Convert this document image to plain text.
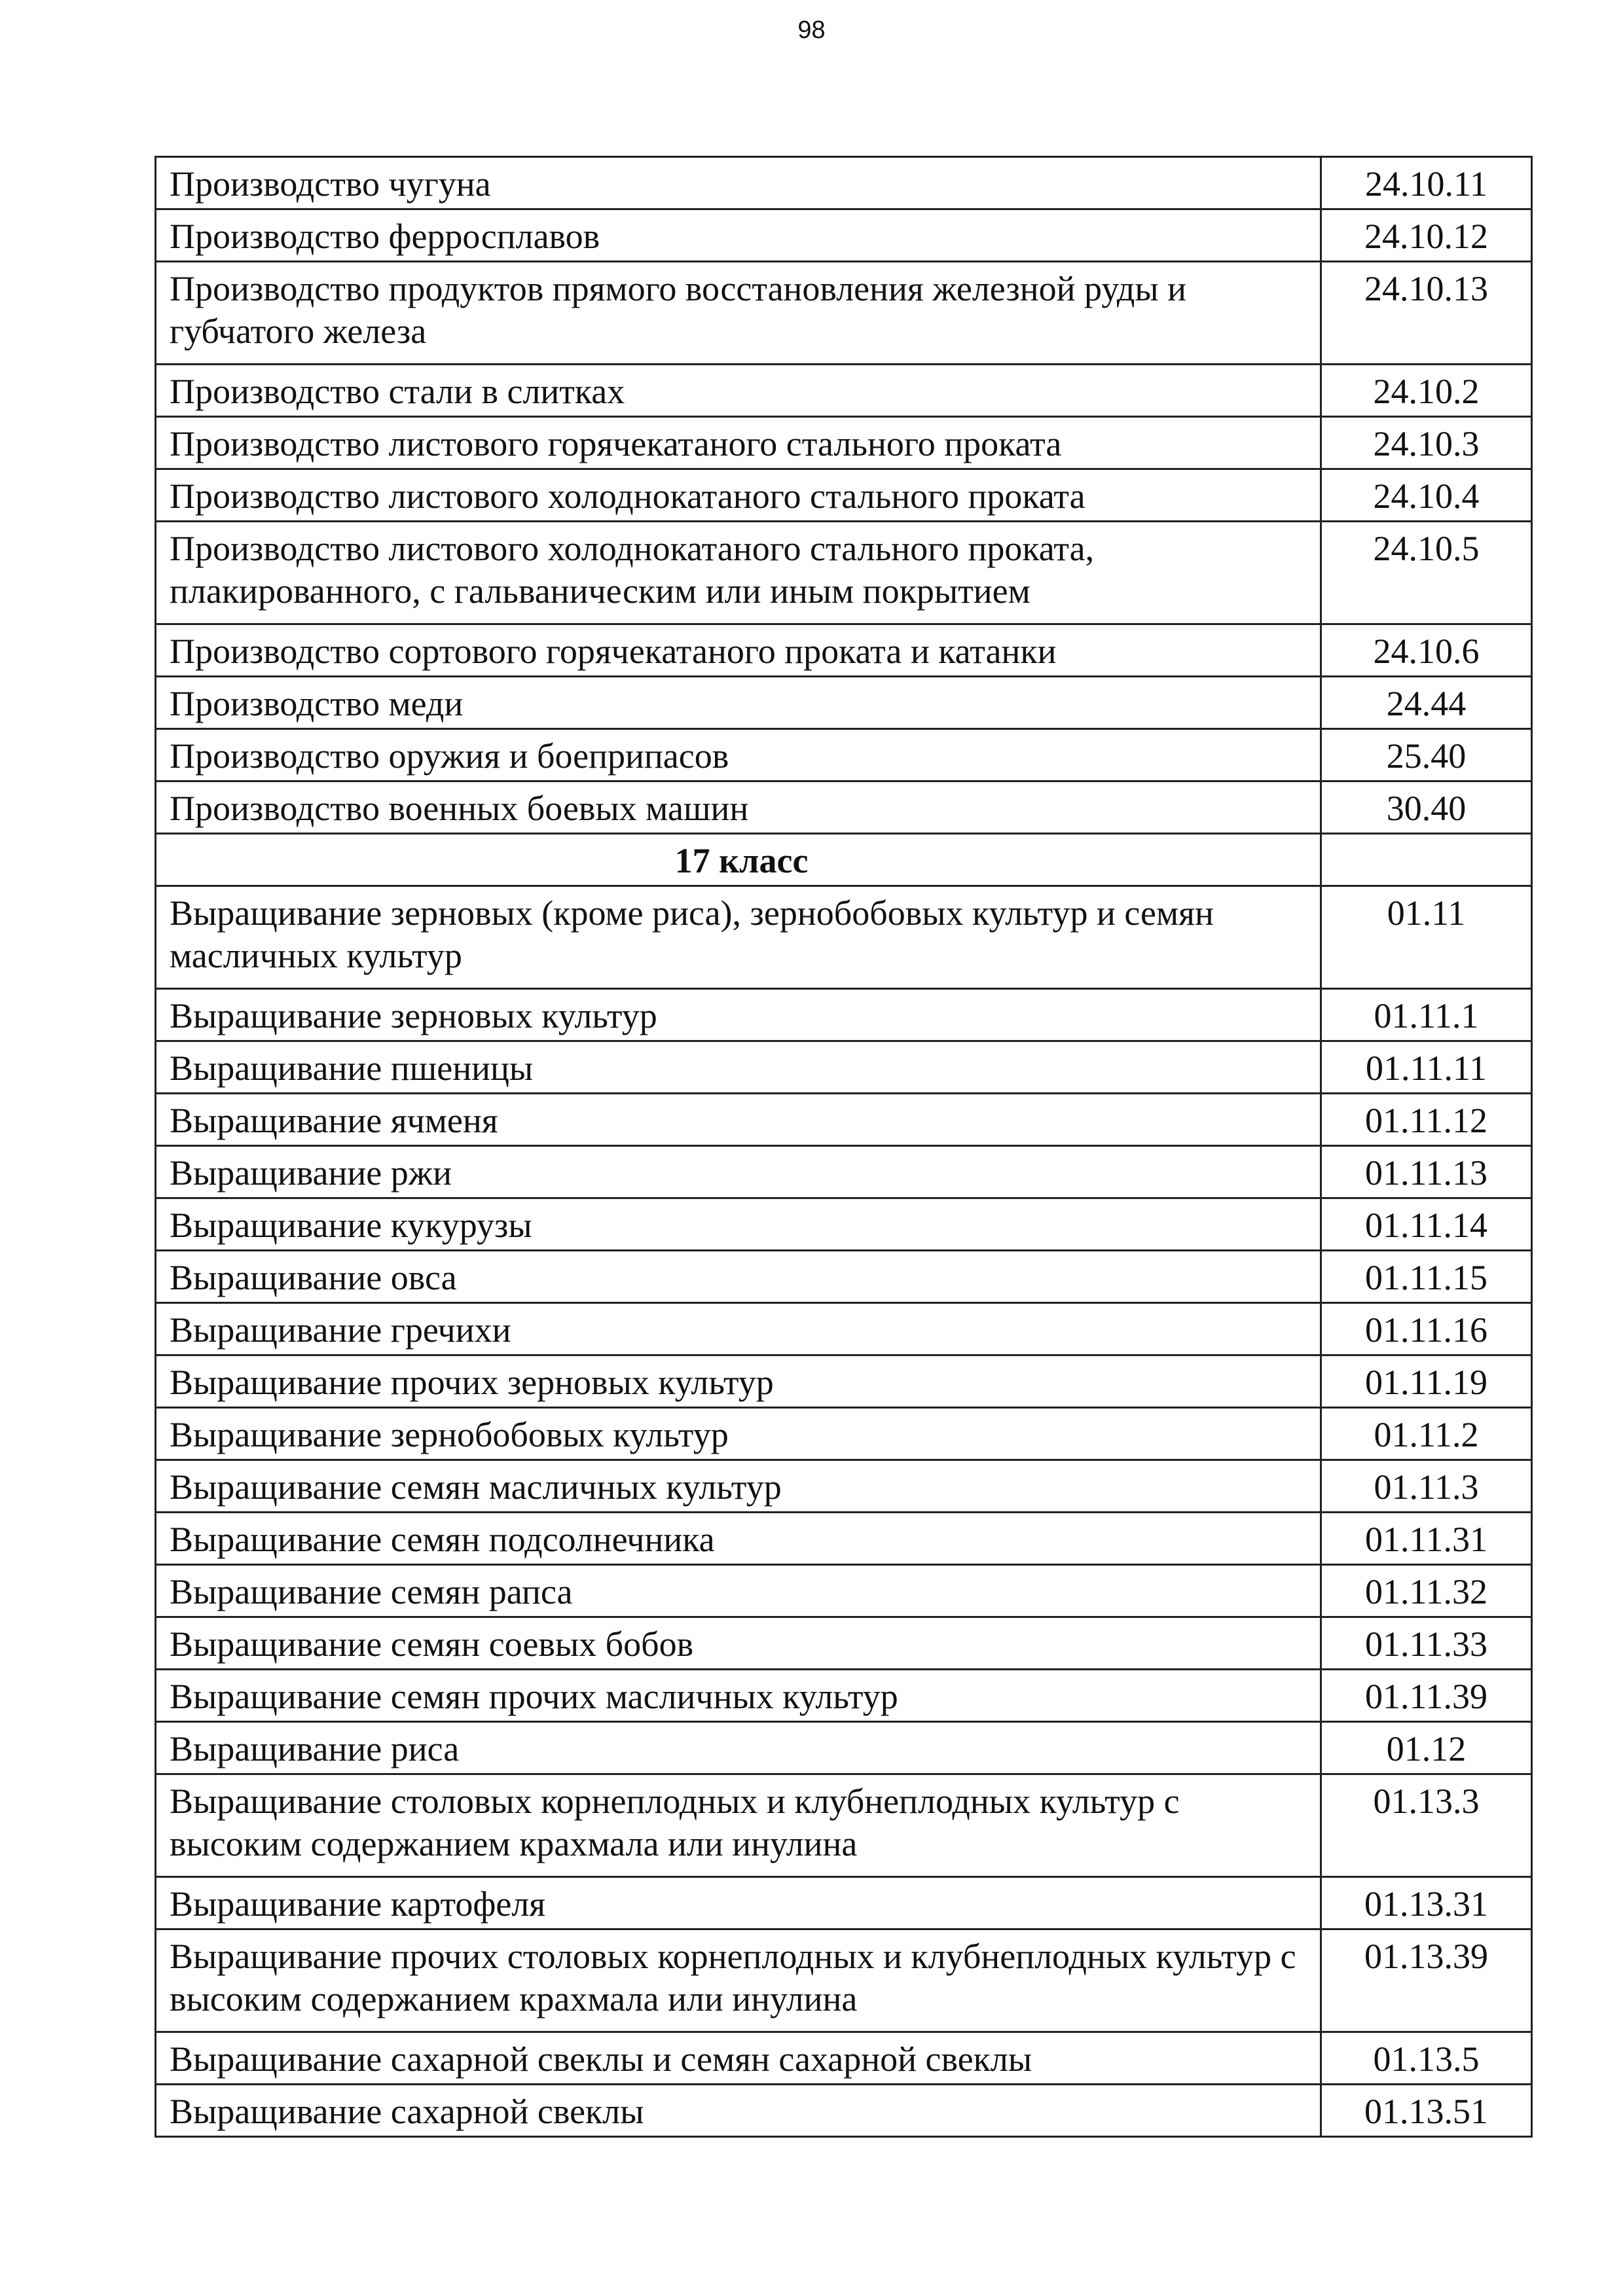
98
Производство чугуна	24.10.11
Производство ферросплавов	24.10.12
Производство продуктов прямого восстановления железной руды и губчатого железа	24.10.13
Производство стали в слитках	24.10.2
Производство листового горячекатаного стального проката	24.10.3
Производство листового холоднокатаного стального проката	24.10.4
Производство листового холоднокатаного стального проката, плакированного, с гальваническим или иным покрытием	24.10.5
Производство сортового горячекатаного проката и катанки	24.10.6
Производство меди	24.44
Производство оружия и боеприпасов	25.40
Производство военных боевых машин	30.40
17 класс	
Выращивание зерновых (кроме риса), зернобобовых культур и семян масличных культур	01.11
Выращивание зерновых культур	01.11.1
Выращивание пшеницы	01.11.11
Выращивание ячменя	01.11.12
Выращивание ржи	01.11.13
Выращивание кукурузы	01.11.14
Выращивание овса	01.11.15
Выращивание гречихи	01.11.16
Выращивание прочих зерновых культур	01.11.19
Выращивание зернобобовых культур	01.11.2
Выращивание семян масличных культур	01.11.3
Выращивание семян подсолнечника	01.11.31
Выращивание семян рапса	01.11.32
Выращивание семян соевых бобов	01.11.33
Выращивание семян прочих масличных культур	01.11.39
Выращивание риса	01.12
Выращивание столовых корнеплодных и клубнеплодных культур с высоким содержанием крахмала или инулина	01.13.3
Выращивание картофеля	01.13.31
Выращивание прочих столовых корнеплодных и клубнеплодных культур с высоким содержанием крахмала или инулина	01.13.39
Выращивание сахарной свеклы и семян сахарной свеклы	01.13.5
Выращивание сахарной свеклы	01.13.51
